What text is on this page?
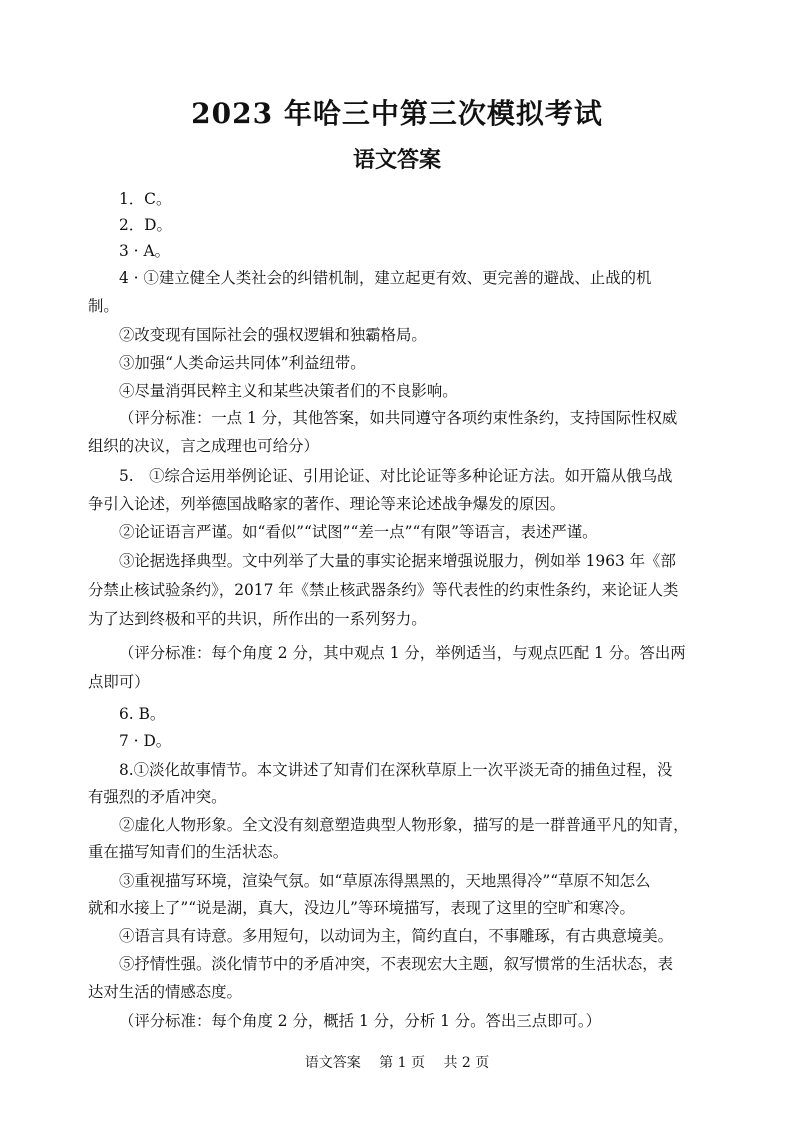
2023 年哈三中第三次模拟考试
语文答案
1．C。
2．D。
3 · A。
4 · ①建立健全人类社会的纠错机制，建立起更有效、更完善的避战、止战的机
制。
②改变现有国际社会的强权逻辑和独霸格局。
③加强“人类命运共同体”利益纽带。
④尽量消弭民粹主义和某些决策者们的不良影响。
（评分标准：一点 1 分，其他答案，如共同遵守各项约束性条约，支持国际性权威
组织的决议，言之成理也可给分）
5.　①综合运用举例论证、引用论证、对比论证等多种论证方法。如开篇从俄乌战
争引入论述，列举德国战略家的著作、理论等来论述战争爆发的原因。
②论证语言严谨。如“看似”“试图”“差一点”“有限”等语言，表述严谨。
③论据选择典型。文中列举了大量的事实论据来增强说服力，例如举 1963 年《部
分禁止核试验条约》，2017 年《禁止核武器条约》等代表性的约束性条约，来论证人类
为了达到终极和平的共识，所作出的一系列努力。
（评分标准：每个角度 2 分，其中观点 1 分，举例适当，与观点匹配 1 分。答出两
点即可）
6. B。
7 · D。
8.①淡化故事情节。本文讲述了知青们在深秋草原上一次平淡无奇的捕鱼过程，没
有强烈的矛盾冲突。
②虚化人物形象。全文没有刻意塑造典型人物形象，描写的是一群普通平凡的知青，
重在描写知青们的生活状态。
③重视描写环境，渲染气氛。如“草原冻得黑黑的，天地黑得冷”“草原不知怎么
就和水接上了”“说是湖，真大，没边儿”等环境描写，表现了这里的空旷和寒冷。
④语言具有诗意。多用短句，以动词为主，简约直白，不事雕琢，有古典意境美。
⑤抒情性强。淡化情节中的矛盾冲突，不表现宏大主题，叙写惯常的生活状态，表
达对生活的情感态度。
（评分标准：每个角度 2 分，概括 1 分，分析 1 分。答出三点即可。）
语文答案　 第 1 页　 共 2 页
